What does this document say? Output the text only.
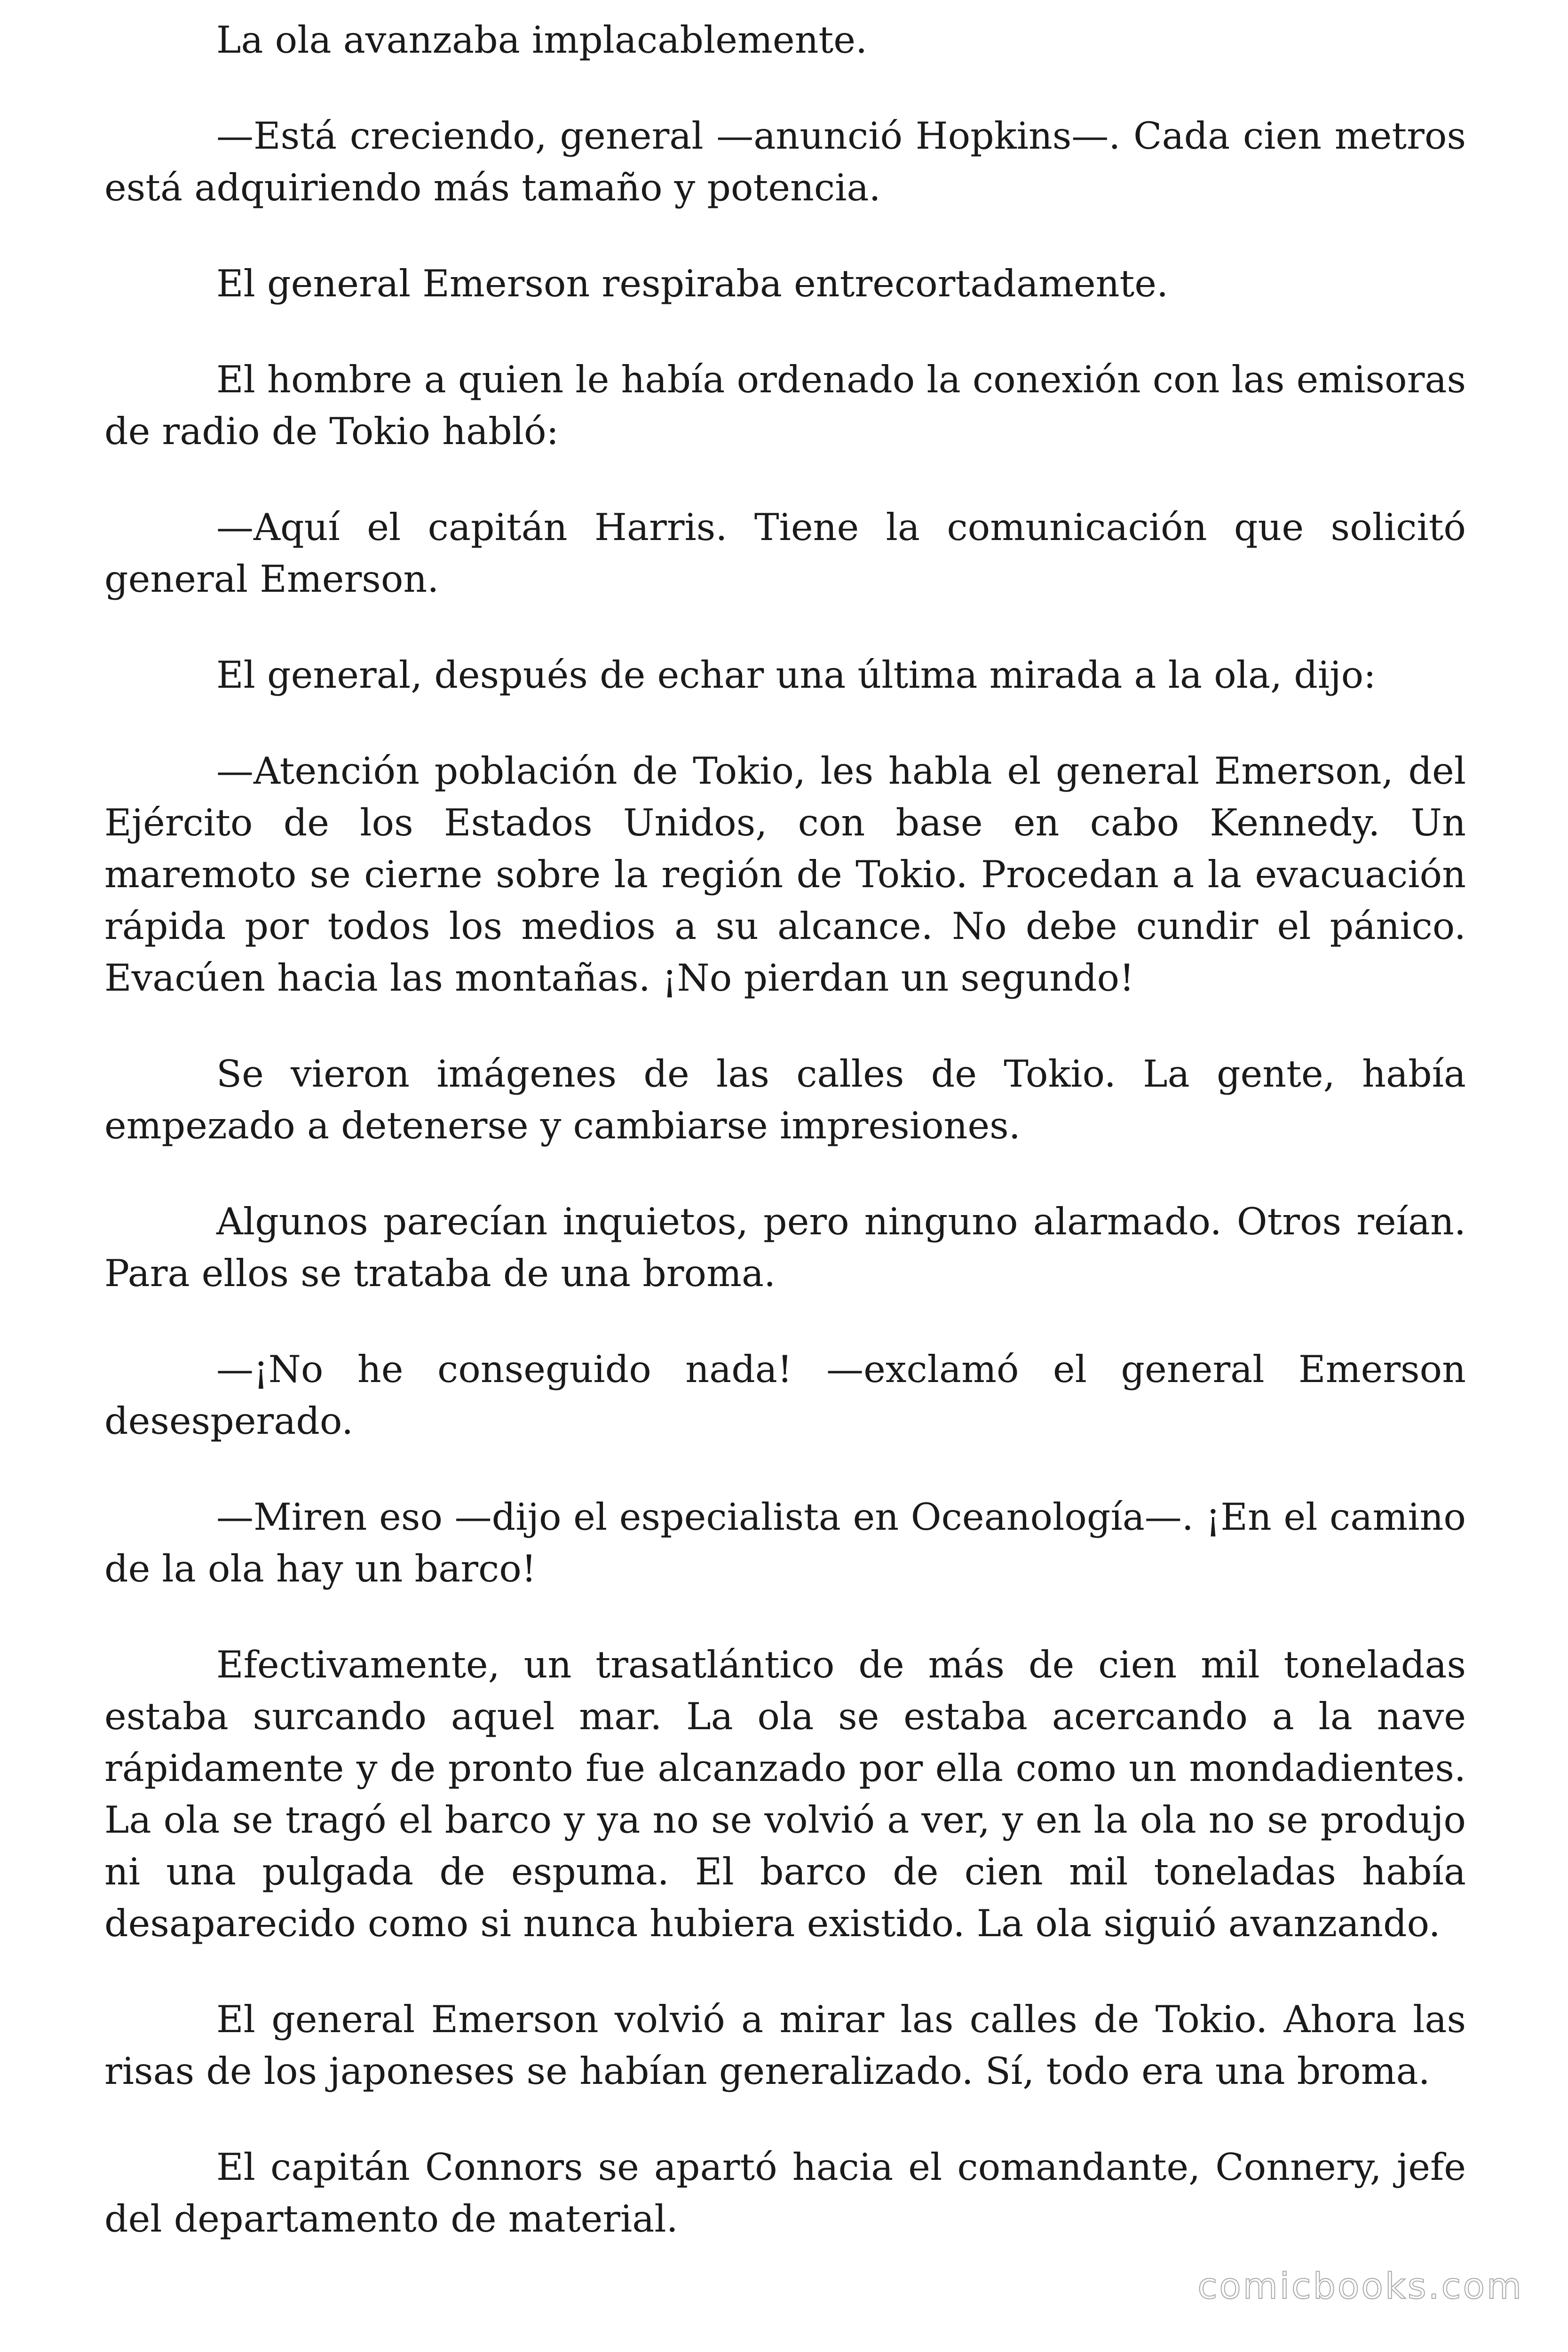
La ola avanzaba implacablemente.

—Está creciendo, general —anunció Hopkins—. Cada cien metros está adquiriendo más tamaño y potencia.

El general Emerson respiraba entrecortadamente.

El hombre a quien le había ordenado la conexión con las emisoras de radio de Tokio habló:

—Aquí el capitán Harris. Tiene la comunicación que solicitó general Emerson.

El general, después de echar una última mirada a la ola, dijo:

—Atención población de Tokio, les habla el general Emerson, del Ejército de los Estados Unidos, con base en cabo Kennedy. Un maremoto se cierne sobre la región de Tokio. Procedan a la evacuación rápida por todos los medios a su alcance. No debe cundir el pánico. Evacúen hacia las montañas. ¡No pierdan un segundo!

Se vieron imágenes de las calles de Tokio. La gente, había empezado a detenerse y cambiarse impresiones.

Algunos parecían inquietos, pero ninguno alarmado. Otros reían. Para ellos se trataba de una broma.

—¡No he conseguido nada! —exclamó el general Emerson desesperado.

—Miren eso —dijo el especialista en Oceanología—. ¡En el camino de la ola hay un barco!

Efectivamente, un trasatlántico de más de cien mil toneladas estaba surcando aquel mar. La ola se estaba acercando a la nave rápidamente y de pronto fue alcanzado por ella como un mondadientes. La ola se tragó el barco y ya no se volvió a ver, y en la ola no se produjo ni una pulgada de espuma. El barco de cien mil toneladas había desaparecido como si nunca hubiera existido. La ola siguió avanzando.

El general Emerson volvió a mirar las calles de Tokio. Ahora las risas de los japoneses se habían generalizado. Sí, todo era una broma.

El capitán Connors se apartó hacia el comandante, Connery, jefe del departamento de material.

comicbooks.com
